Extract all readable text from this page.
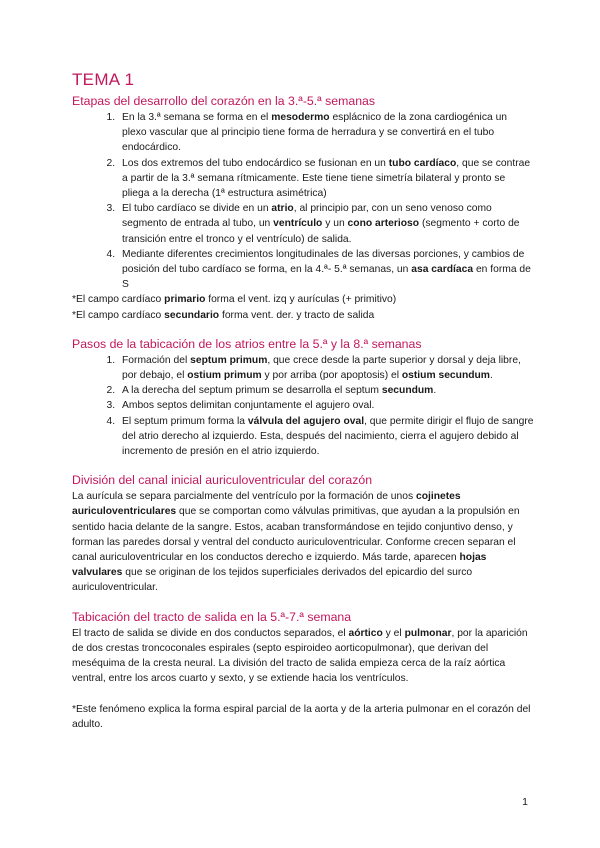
TEMA 1
Etapas del desarrollo del corazón en la 3.ª-5.ª semanas
1. En la 3.ª semana se forma en el mesodermo esplácnico de la zona cardiogénica un plexo vascular que al principio tiene forma de herradura y se convertirá en el tubo endocárdico.
2. Los dos extremos del tubo endocárdico se fusionan en un tubo cardíaco, que se contrae a partir de la 3.ª semana rítmicamente. Este tiene tiene simetría bilateral y pronto se pliega a la derecha (1ª estructura asimétrica)
3. El tubo cardíaco se divide en un atrio, al principio par, con un seno venoso como segmento de entrada al tubo, un ventrículo y un cono arterioso (segmento + corto de transición entre el tronco y el ventrículo) de salida.
4. Mediante diferentes crecimientos longitudinales de las diversas porciones, y cambios de posición del tubo cardíaco se forma, en la 4.ª- 5.ª semanas, un asa cardíaca en forma de S

*El campo cardíaco primario forma el vent. izq y aurículas (+ primitivo)

*El campo cardíaco secundario forma vent. der. y tracto de salida

Pasos de la tabicación de los atrios entre la 5.ª y la 8.ª semanas
1. Formación del septum primum, que crece desde la parte superior y dorsal y deja libre, por debajo, el ostium primum y por arriba (por apoptosis) el ostium secundum.
2. A la derecha del septum primum se desarrolla el septum secundum.
3. Ambos septos delimitan conjuntamente el agujero oval.
4. El septum primum forma la válvula del agujero oval, que permite dirigir el flujo de sangre del atrio derecho al izquierdo. Esta, después del nacimiento, cierra el agujero debido al incremento de presión en el atrio izquierdo.
División del canal inicial auriculoventricular del corazón

La aurícula se separa parcialmente del ventrículo por la formación de unos cojinetes auriculoventriculares que se comportan como válvulas primitivas, que ayudan a la propulsión en sentido hacia delante de la sangre. Estos, acaban transformándose en tejido conjuntivo denso, y forman las paredes dorsal y ventral del conducto auriculoventricular. Conforme crecen separan el canal auriculoventricular en los conductos derecho e izquierdo. Más tarde, aparecen hojas valvulares que se originan de los tejidos superficiales derivados del epicardio del surco auriculoventricular.

Tabicación del tracto de salida en la 5.ª-7.ª semana

El tracto de salida se divide en dos conductos separados, el aórtico y el pulmonar, por la aparición de dos crestas troncoconales espirales (septo espiroideo aorticopulmonar), que derivan del meséquima de la cresta neural. La división del tracto de salida empieza cerca de la raíz aórtica ventral, entre los arcos cuarto y sexto, y se extiende hacia los ventrículos.

*Este fenómeno explica la forma espiral parcial de la aorta y de la arteria pulmonar en el corazón del adulto.

1
